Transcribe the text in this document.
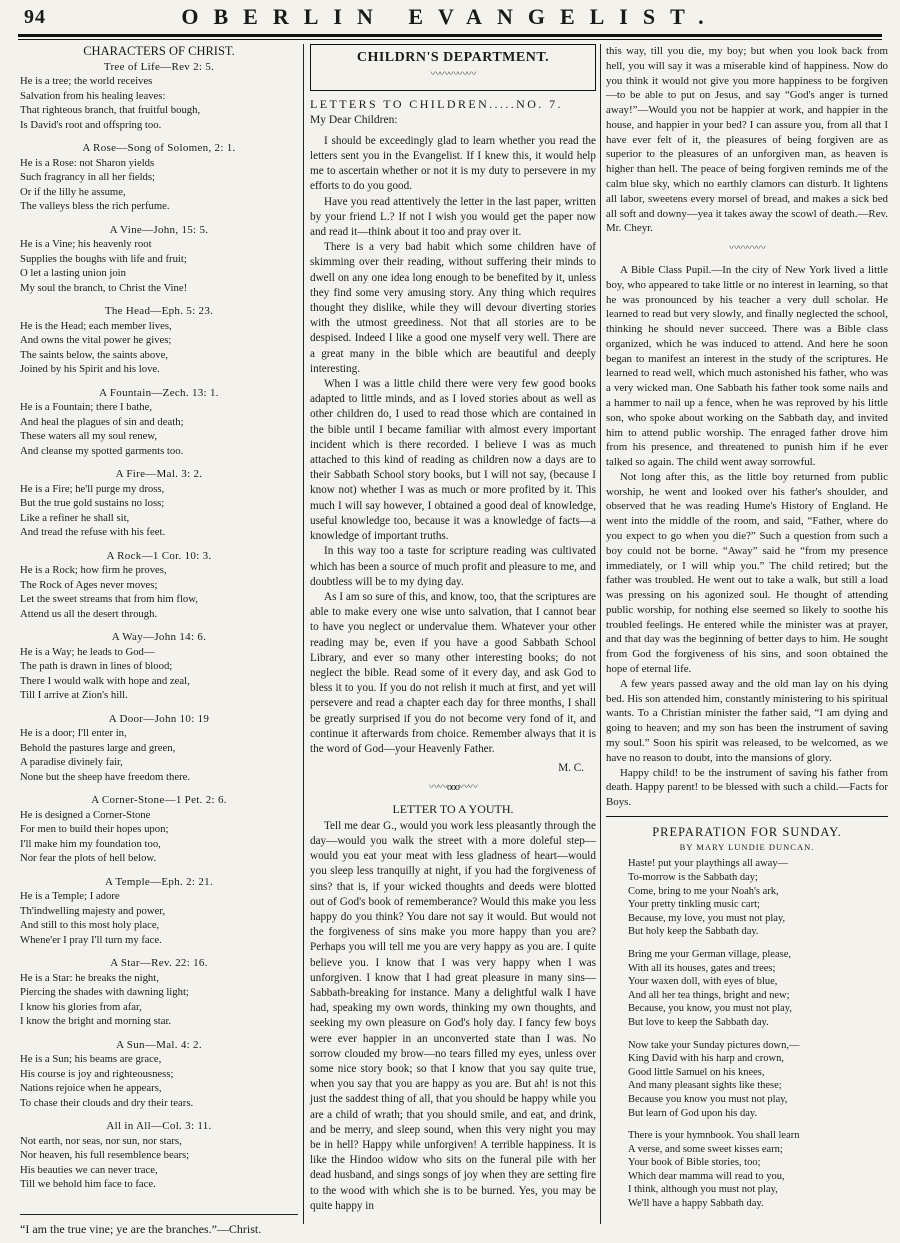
94	OBERLIN EVANGELIST.
CHARACTERS OF CHRIST.
Tree of Life—Rev 2: 5.
He is a tree; the world receives
Salvation from his healing leaves:
That righteous branch, that fruitful bough,
Is David's root and offspring too.
A Rose—Song of Solomen, 2: 1.
He is a Rose: not Sharon yields
Such fragrancy in all her fields;
Or if the lilly he assume,
The valleys bless the rich perfume.
A Vine—John, 15: 5.
He is a Vine; his heavenly root
Supplies the boughs with life and fruit;
O let a lasting union join
My soul the branch, to Christ the Vine!
The Head—Eph. 5: 23.
He is the Head; each member lives,
And owns the vital power he gives;
The saints below, the saints above,
Joined by his Spirit and his love.
A Fountain—Zech. 13: 1.
He is a Fountain; there I bathe,
And heal the plagues of sin and death;
These waters all my soul renew,
And cleanse my spotted garments too.
A Fire—Mal. 3: 2.
He is a Fire; he'll purge my dross,
But the true gold sustains no loss;
Like a refiner he shall sit,
And tread the refuse with his feet.
A Rock—1 Cor. 10: 3.
He is a Rock; how firm he proves,
The Rock of Ages never moves;
Let the sweet streams that from him flow,
Attend us all the desert through.
A Way—John 14: 6.
He is a Way; he leads to God—
The path is drawn in lines of blood;
There I would walk with hope and zeal,
Till I arrive at Zion's hill.
A Door—John 10: 19
He is a door; I'll enter in,
Behold the pastures large and green,
A paradise divinely fair,
None but the sheep have freedom there.
A Corner-Stone—1 Pet. 2: 6.
He is designed a Corner-Stone
For men to build their hopes upon;
I'll make him my foundation too,
Nor fear the plots of hell below.
A Temple—Eph. 2: 21.
He is a Temple; I adore
Th'indwelling majesty and power,
And still to this most holy place,
Whene'er I pray I'll turn my face.
A Star—Rev. 22: 16.
He is a Star: he breaks the night,
Piercing the shades with dawning light;
I know his glories from afar,
I know the bright and morning star.
A Sun—Mal. 4: 2.
He is a Sun; his beams are grace,
His course is joy and righteousness;
Nations rejoice when he appears,
To chase their clouds and dry their tears.
All in All—Col. 3: 11.
Not earth, nor seas, nor sun, nor stars,
Nor heaven, his full resemblence bears;
His beauties we can never trace,
Till we behold him face to face.
“I am the true vine; ye are the branches.”—Christ.
CHILDRN'S DEPARTMENT.
〰〰〰〰〰
LETTERS TO CHILDREN.....NO. 7.
My Dear Children:

I should be exceedingly glad to learn whether you read the letters sent you in the Evangelist. If I knew this, it would help me to ascertain whether or not it is my duty to persevere in my efforts to do you good.

Have you read attentively the letter in the last paper, written by your friend L.? If not I wish you would get the paper now and read it—think about it too and pray over it.

There is a very bad habit which some children have of skimming over their reading, without suffering their minds to dwell on any one idea long enough to be benefited by it, unless they find some very amusing story. Any thing which requires thought they dislike, while they will devour diverting stories with the utmost greediness. Not that all stories are to be despised. Indeed I like a good one myself very well. There are a great many in the bible which are beautiful and deeply interesting.

When I was a little child there were very few good books adapted to little minds, and as I loved stories about as well as other children do, I used to read those which are contained in the bible until I became familiar with almost every important incident which is there recorded. I believe I was as much attached to this kind of reading as children now a days are to their Sabbath School story books, but I will not say, (because I know not) whether I was as much or more profited by it. This much I will say however, I obtained a good deal of knowledge, useful knowledge too, because it was a knowledge of facts—a knowledge of important truths.

In this way too a taste for scripture reading was cultivated which has been a source of much profit and pleasure to me, and doubtless will be to my dying day.

As I am so sure of this, and know, too, that the scriptures are able to make every one wise unto salvation, that I cannot bear to have you neglect or undervalue them. Whatever your other reading may be, even if you have a good Sabbath School Library, and ever so many other interesting books; do not neglect the bible. Read some of it every day, and ask God to bless it to you. If you do not relish it much at first, and yet will persevere and read a chapter each day for three months, I shall be greatly surprised if you do not become very fond of it, and continue it afterwards from choice. Remember always that it is the word of God—your Heavenly Father.

M. C.
〰〰ooo〰〰
LETTER TO A YOUTH.

Tell me dear G., would you work less pleasantly through the day—would you walk the street with a more doleful step—would you eat your meat with less gladness of heart—would you sleep less tranquilly at night, if you had the forgiveness of sins? that is, if your wicked thoughts and deeds were blotted out of God's book of rememberance? Would this make you less happy do you think? You dare not say it would. But would not the forgiveness of sins make you more happy than you are? Perhaps you will tell me you are very happy as you are. I quite believe you. I know that I was very happy when I was unforgiven. I know that I had great pleasure in many sins—Sabbath-breaking for instance. Many a delightful walk I have had, speaking my own words, thinking my own thoughts, and seeking my own pleasure on God's holy day. I fancy few boys were ever happier in an unconverted state than I was. No sorrow clouded my brow—no tears filled my eyes, unless over some nice story book; so that I know that you say quite true, when you say that you are happy as you are. But ah! is not this just the saddest thing of all, that you should be happy while you are a child of wrath; that you should smile, and eat, and drink, and be merry, and sleep sound, when this very night you may be in hell? Happy while unforgiven! A terrible happiness. It is like the Hindoo widow who sits on the funeral pile with her dead husband, and sings songs of joy when they are setting fire to the wood with which she is to be burned. Yes, you may be quite happy in

this way, till you die, my boy; but when you look back from hell, you will say it was a miserable kind of happiness. Now do you think it would not give you more happiness to be forgiven—to be able to put on Jesus, and say “God's anger is turned away!”—Would you not be happier at work, and happier in the house, and happier in your bed? I can assure you, from all that I have ever felt of it, the pleasures of being forgiven are as superior to the pleasures of an unforgiven man, as heaven is higher than hell. The peace of being forgiven reminds me of the calm blue sky, which no earthly clamors can disturb. It lightens all labor, sweetens every morsel of bread, and makes a sick bed all soft and downy—yea it takes away the scowl of death.—Rev. Mr. Cheyr.

〰〰〰〰

A Bible Class Pupil.—In the city of New York lived a little boy, who appeared to take little or no interest in learning, so that he was pronounced by his teacher a very dull scholar. He learned to read but very slowly, and finally neglected the school, thinking he should never succeed. There was a Bible class organized, which he was induced to attend. And here he soon began to manifest an interest in the study of the scriptures. He learned to read well, which much astonished his father, who was a very wicked man. One Sabbath his father took some nails and a hammer to nail up a fence, when he was reproved by his little son, who spoke about working on the Sabbath day, and invited him to attend public worship. The enraged father drove him from his presence, and threatened to punish him if he ever talked so again. The child went away sorrowful.

Not long after this, as the little boy returned from public worship, he went and looked over his father's shoulder, and observed that he was reading Hume's History of England. He went into the middle of the room, and said, “Father, where do you expect to go when you die?” Such a question from such a boy could not be borne. “Away” said he “from my presence immediately, or I will whip you.” The child retired; but the father was troubled. He went out to take a walk, but still a load was pressing on his agonized soul. He thought of attending public worship, for nothing else seemed so likely to soothe his troubled feelings. He entered while the minister was at prayer, and that day was the beginning of better days to him. He sought from God the forgiveness of his sins, and soon obtained the hope of eternal life.

A few years passed away and the old man lay on his dying bed. His son attended him, constantly ministering to his spiritual wants. To a Christian minister the father said, “I am dying and going to heaven; and my son has been the instrument of saving my soul.” Soon his spirit was released, to be welcomed, as we have no reason to doubt, into the mansions of glory.

Happy child! to be the instrument of saving his father from death. Happy parent! to be blessed with such a child.—Facts for Boys.

PREPARATION FOR SUNDAY.
BY MARY LUNDIE DUNCAN.
Haste! put your playthings all away—
To-morrow is the Sabbath day;
Come, bring to me your Noah's ark,
Your pretty tinkling music cart;
Because, my love, you must not play,
But holy keep the Sabbath day.
Bring me your German village, please,
With all its houses, gates and trees;
Your waxen doll, with eyes of blue,
And all her tea things, bright and new;
Because, you know, you must not play,
But love to keep the Sabbath day.
Now take your Sunday pictures down,—
King David with his harp and crown,
Good little Samuel on his knees,
And many pleasant sights like these;
Because you know you must not play,
But learn of God upon his day.
There is your hymnbook. You shall learn
A verse, and some sweet kisses earn;
Your book of Bible stories, too;
Which dear mamma will read to you,
I think, although you must not play,
We'll have a happy Sabbath day.
